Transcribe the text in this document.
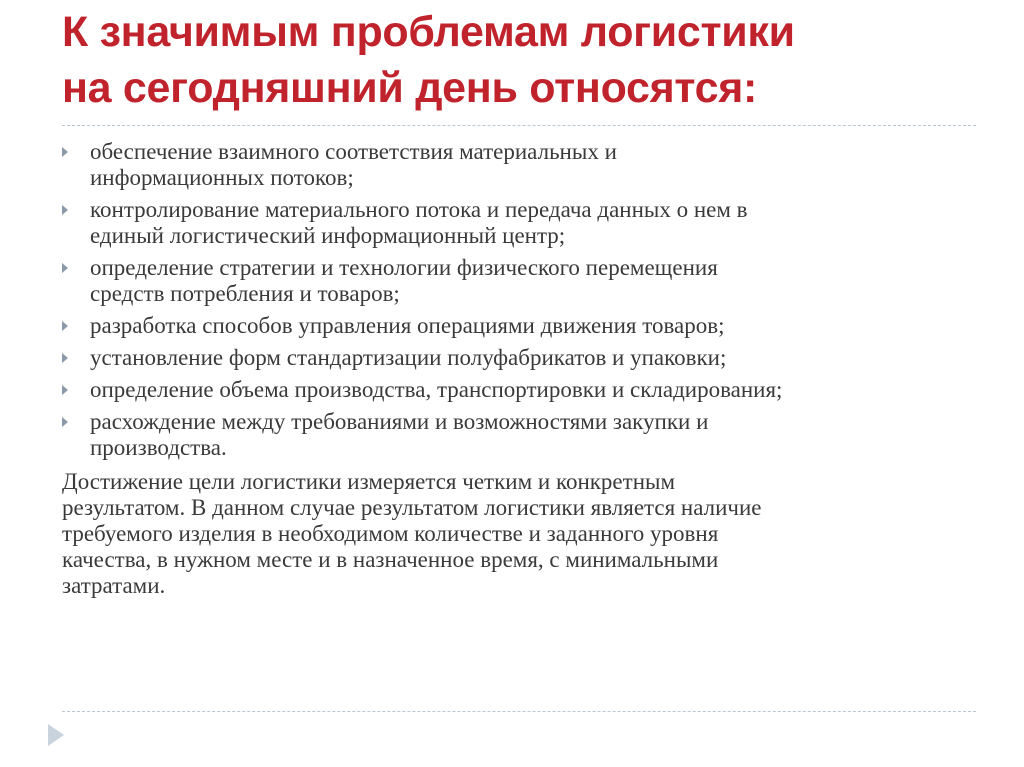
К значимым проблемам логистики
на сегодняшний день относятся:
обеспечение взаимного соответствия материальных и
информационных потоков;
контролирование материального потока и передача данных о нем в
единый логистический информационный центр;
определение стратегии и технологии физического перемещения
средств потребления и товаров;
разработка способов управления операциями движения товаров;
установление форм стандартизации полуфабрикатов и упаковки;
определение объема производства, транспортировки и складирования;
расхождение между требованиями и возможностями закупки и
производства.
Достижение цели логистики измеряется четким и конкретным
результатом. В данном случае результатом логистики является наличие
требуемого изделия в необходимом количестве и заданного уровня
качества, в нужном месте и в назначенное время, с минимальными
затратами.
